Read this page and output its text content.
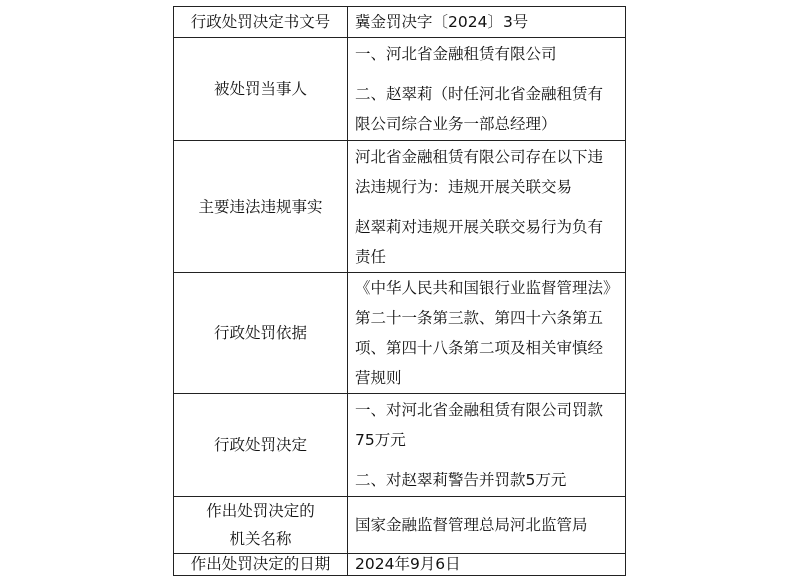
行政处罚决定书文号	冀金罚决字〔2024〕3号

被处罚当事人	一、河北省金融租赁有限公司
二、赵翠莉（时任河北省金融租赁有限公司综合业务一部总经理）

主要违法违规事实	河北省金融租赁有限公司存在以下违法违规行为：违规开展关联交易
赵翠莉对违规开展关联交易行为负有责任

行政处罚依据	《中华人民共和国银行业监督管理法》第二十一条第三款、第四十六条第五项、第四十八条第二项及相关审慎经营规则

行政处罚决定	一、对河北省金融租赁有限公司罚款75万元
二、对赵翠莉警告并罚款5万元

作出处罚决定的
机关名称	国家金融监督管理总局河北监管局

作出处罚决定的日期	2024年9月6日
